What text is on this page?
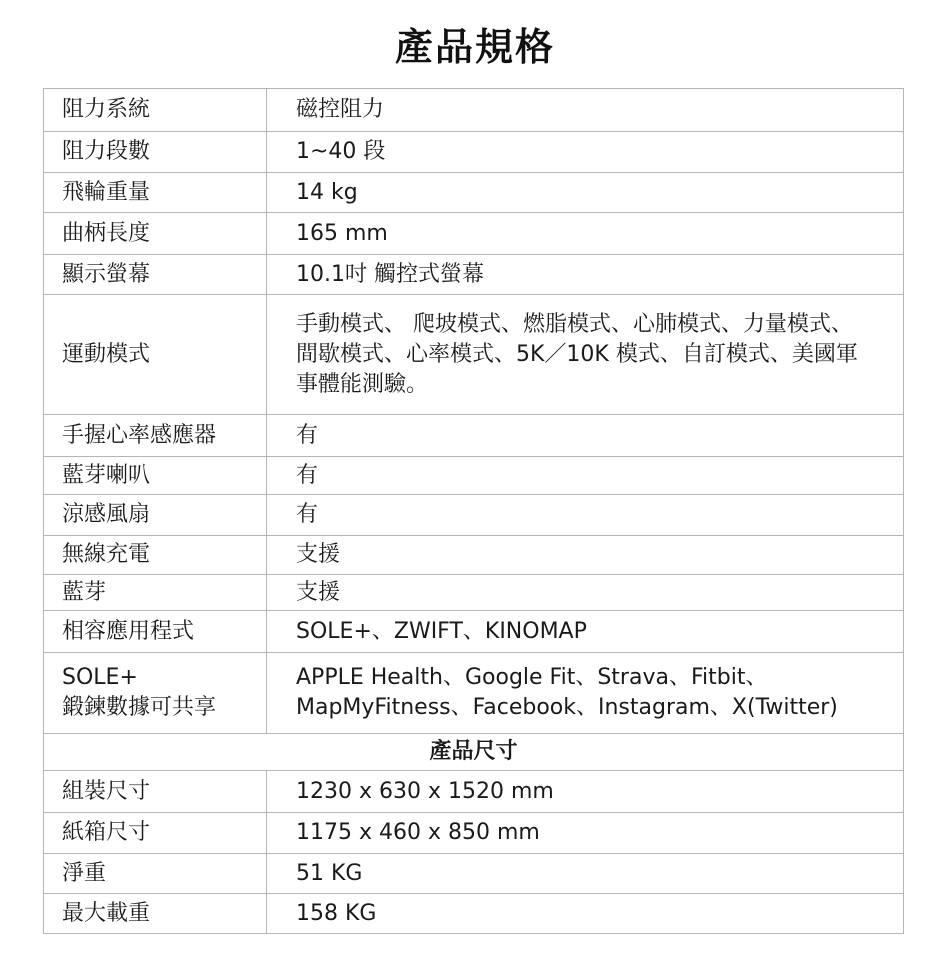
產品規格
阻力系統	磁控阻力
阻力段數	1~40 段
飛輪重量	14 kg
曲柄長度	165 mm
顯示螢幕	10.1吋 觸控式螢幕
運動模式	手動模式、 爬坡模式、燃脂模式、心肺模式、力量模式、
間歇模式、心率模式、5K／10K 模式、自訂模式、美國軍
事體能測驗。

手握心率感應器	有
藍芽喇叭	有
涼感風扇	有
無線充電	支援
藍芽	支援
相容應用程式	SOLE+、ZWIFT、KINOMAP

SOLE+
鍛鍊數據可共享	APPLE Health、Google Fit、Strava、Fitbit、
MapMyFitness、Facebook、Instagram、X(Twitter)

產品尺寸	
組裝尺寸	1230 x 630 x 1520 mm
紙箱尺寸	1175 x 460 x 850 mm
淨重	51 KG
最大載重	158 KG
